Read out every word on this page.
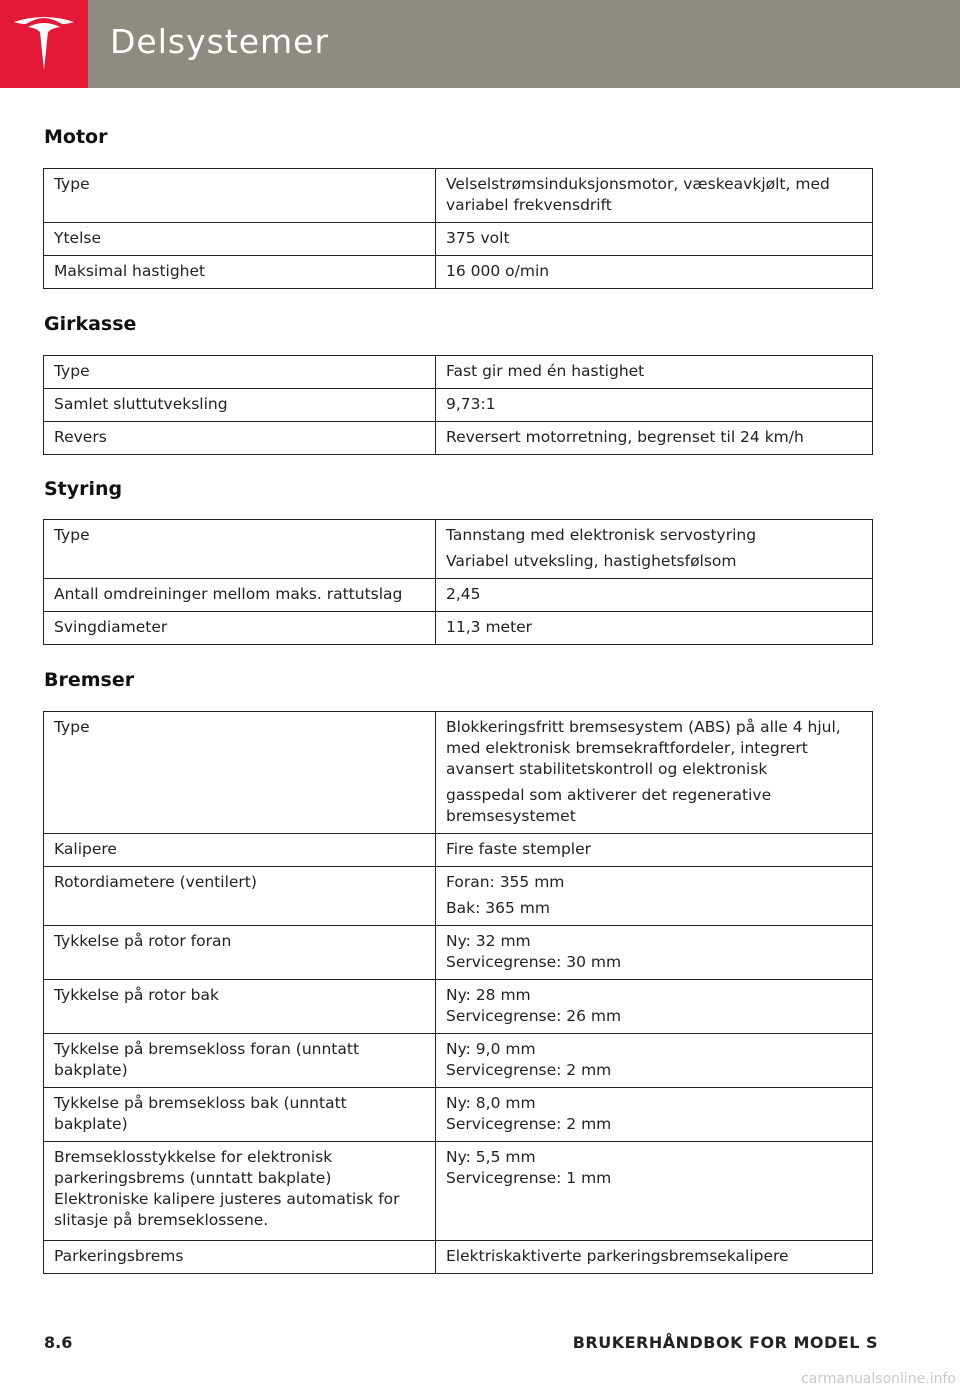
Delsystemer
Motor
Type	Velselstrømsinduksjonsmotor, væskeavkjølt, med
variabel frekvensdrift

Ytelse	375 volt

Maksimal hastighet	16 000 o/min
Girkasse
Type	Fast gir med én hastighet

Samlet sluttutveksling	9,73:1

Revers	Reversert motorretning, begrenset til 24 km/h
Styring
Type	Tannstang med elektronisk servostyring
Variabel utveksling, hastighetsfølsom

Antall omdreininger mellom maks. rattutslag	2,45

Svingdiameter	11,3 meter
Bremser
Type	Blokkeringsfritt bremsesystem (ABS) på alle 4 hjul,
med elektronisk bremsekraftfordeler, integrert
avansert stabilitetskontroll og elektronisk
gasspedal som aktiverer det regenerative
bremsesystemet

Kalipere	Fire faste stempler

Rotordiametere (ventilert)	Foran: 355 mm
Bak: 365 mm

Tykkelse på rotor foran	Ny: 32 mm
Servicegrense: 30 mm

Tykkelse på rotor bak	Ny: 28 mm
Servicegrense: 26 mm

Tykkelse på bremsekloss foran (unntatt
bakplate)	Ny: 9,0 mm
Servicegrense: 2 mm

Tykkelse på bremsekloss bak (unntatt
bakplate)	Ny: 8,0 mm
Servicegrense: 2 mm

Bremseklosstykkelse for elektronisk
parkeringsbrems (unntatt bakplate)
Elektroniske kalipere justeres automatisk for
slitasje på bremseklossene.	Ny: 5,5 mm
Servicegrense: 1 mm

Parkeringsbrems	Elektriskaktiverte parkeringsbremsekalipere
8.6	BRUKERHÅNDBOK FOR MODEL S
carmanualsonline.info
